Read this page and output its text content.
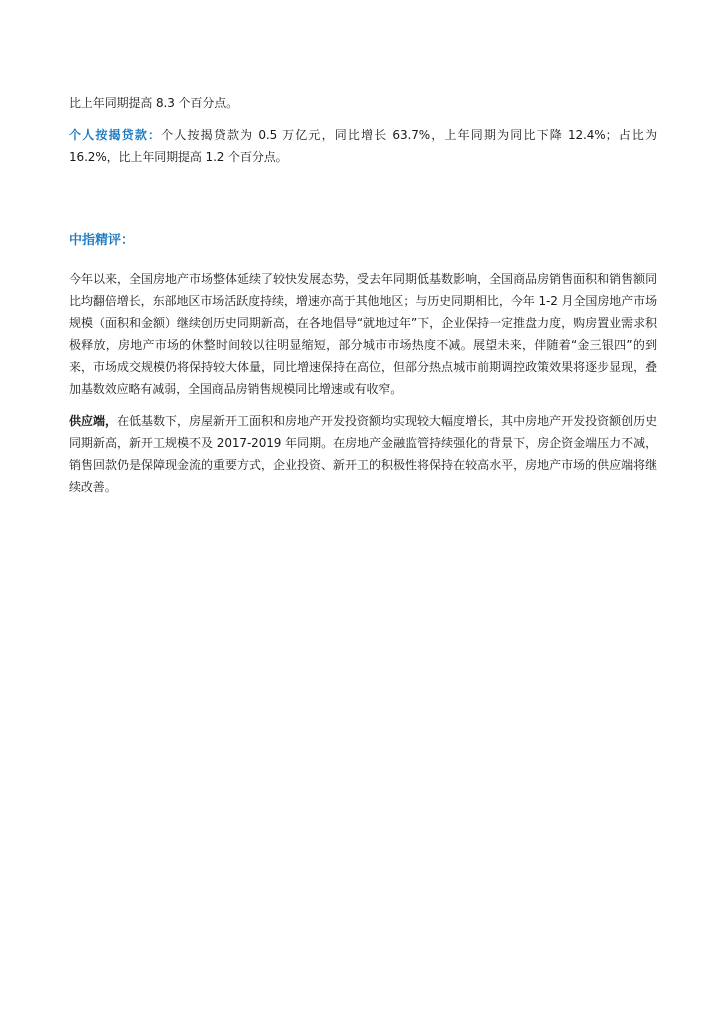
比上年同期提高 8.3 个百分点。

个人按揭贷款：个人按揭贷款为 0.5 万亿元，同比增长 63.7%，上年同期为同比下降 12.4%；占比为 16.2%，比上年同期提高 1.2 个百分点。

中指精评：

今年以来，全国房地产市场整体延续了较快发展态势，受去年同期低基数影响，全国商品房销售面积和销售额同比均翻倍增长，东部地区市场活跃度持续，增速亦高于其他地区；与历史同期相比，今年 1-2 月全国房地产市场规模（面积和金额）继续创历史同期新高，在各地倡导“就地过年”下，企业保持一定推盘力度，购房置业需求积极释放，房地产市场的休整时间较以往明显缩短，部分城市市场热度不减。展望未来，伴随着“金三银四”的到来，市场成交规模仍将保持较大体量，同比增速保持在高位，但部分热点城市前期调控政策效果将逐步显现，叠加基数效应略有减弱，全国商品房销售规模同比增速或有收窄。

供应端，在低基数下，房屋新开工面积和房地产开发投资额均实现较大幅度增长，其中房地产开发投资额创历史同期新高，新开工规模不及 2017-2019 年同期。在房地产金融监管持续强化的背景下，房企资金端压力不减，销售回款仍是保障现金流的重要方式，企业投资、新开工的积极性将保持在较高水平，房地产市场的供应端将继续改善。
